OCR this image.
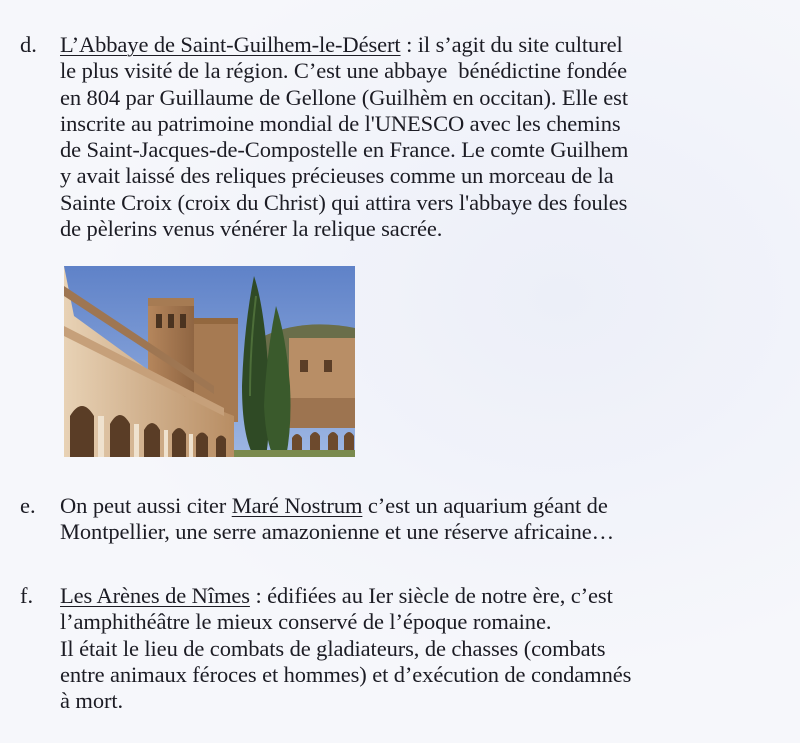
d. L’Abbaye de Saint-Guilhem-le-Désert : il s’agit du site culturel
le plus visité de la région. C’est une abbaye  bénédictine fondée
en 804 par Guillaume de Gellone (Guilhèm en occitan). Elle est
inscrite au patrimoine mondial de l'UNESCO avec les chemins
de Saint-Jacques-de-Compostelle en France. Le comte Guilhem
y avait laissé des reliques précieuses comme un morceau de la
Sainte Croix (croix du Christ) qui attira vers l'abbaye des foules
de pèlerins venus vénérer la relique sacrée.
e. On peut aussi citer Maré Nostrum c’est un aquarium géant de
Montpellier, une serre amazonienne et une réserve africaine…
f. Les Arènes de Nîmes : édifiées au Ier siècle de notre ère, c’est
l’amphithéâtre le mieux conservé de l’époque romaine.
Il était le lieu de combats de gladiateurs, de chasses (combats
entre animaux féroces et hommes) et d’exécution de condamnés
à mort.
